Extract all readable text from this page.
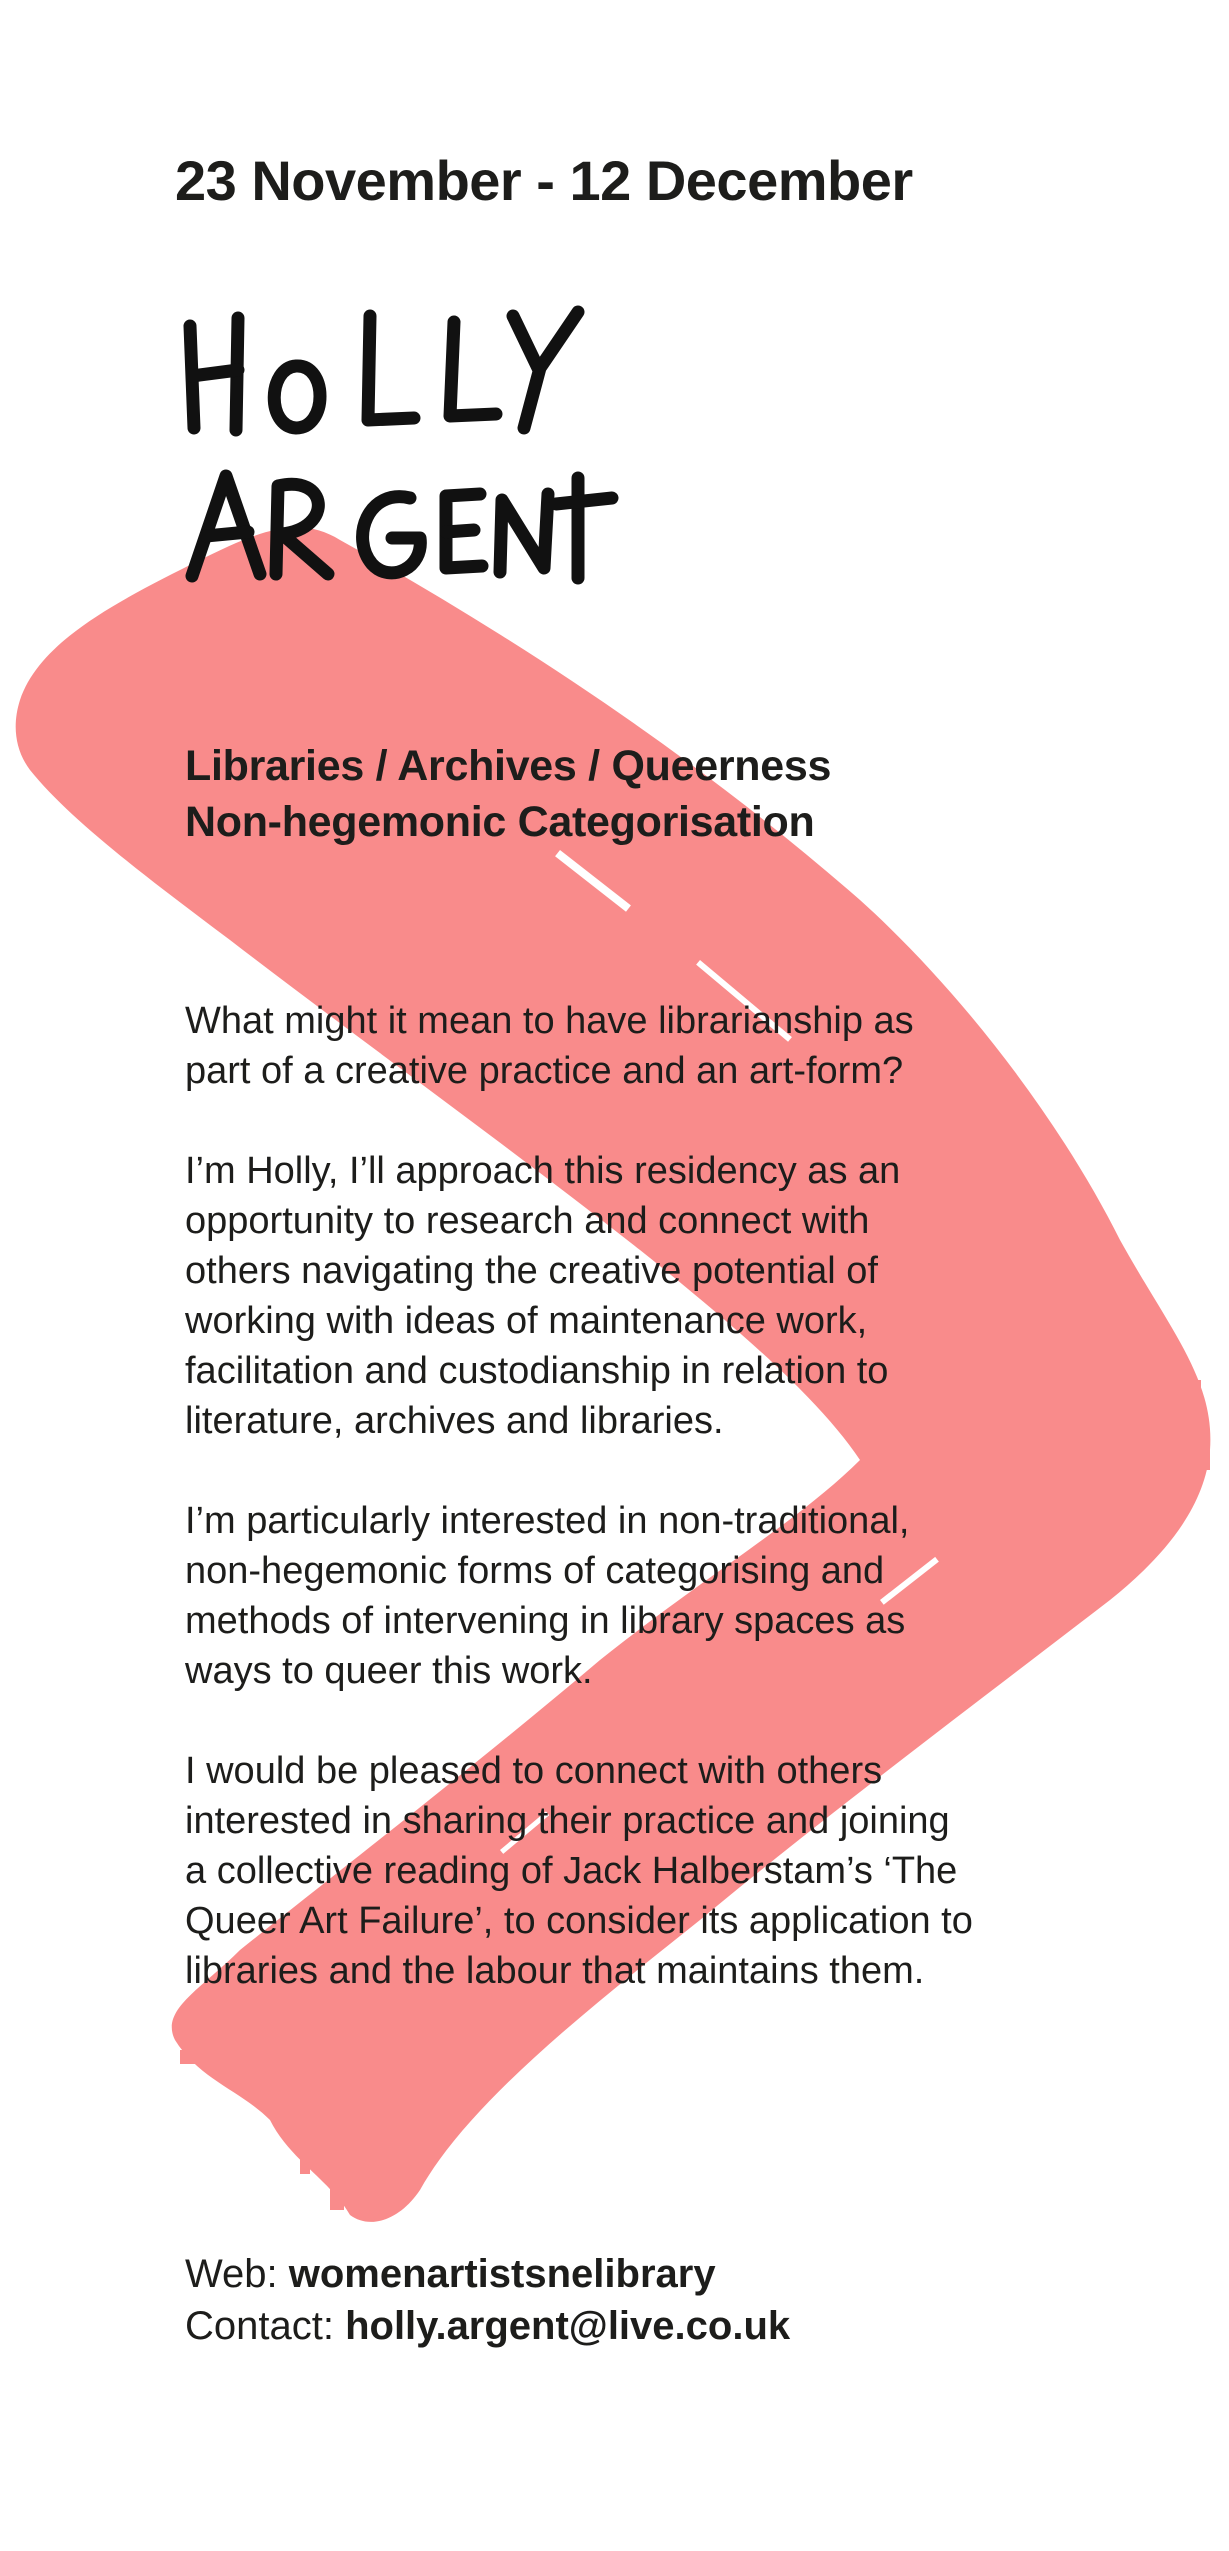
23 November - 12 December
Libraries / Archives / Queerness
Non-hegemonic Categorisation

What might it mean to have librarianship as
part of a creative practice and an art-form?

I’m Holly, I’ll approach this residency as an
opportunity to research and connect with
others navigating the creative potential of
working with ideas of maintenance work,
facilitation and custodianship in relation to
literature, archives and libraries.

I’m particularly interested in non-traditional,
non-hegemonic forms of categorising and
methods of intervening in library spaces as
ways to queer this work.

I would be pleased to connect with others
interested in sharing their practice and joining
a collective reading of Jack Halberstam’s ‘The
Queer Art Failure’, to consider its application to
libraries and the labour that maintains them.

Web: womenartistsnelibrary
Contact: holly.argent@live.co.uk
